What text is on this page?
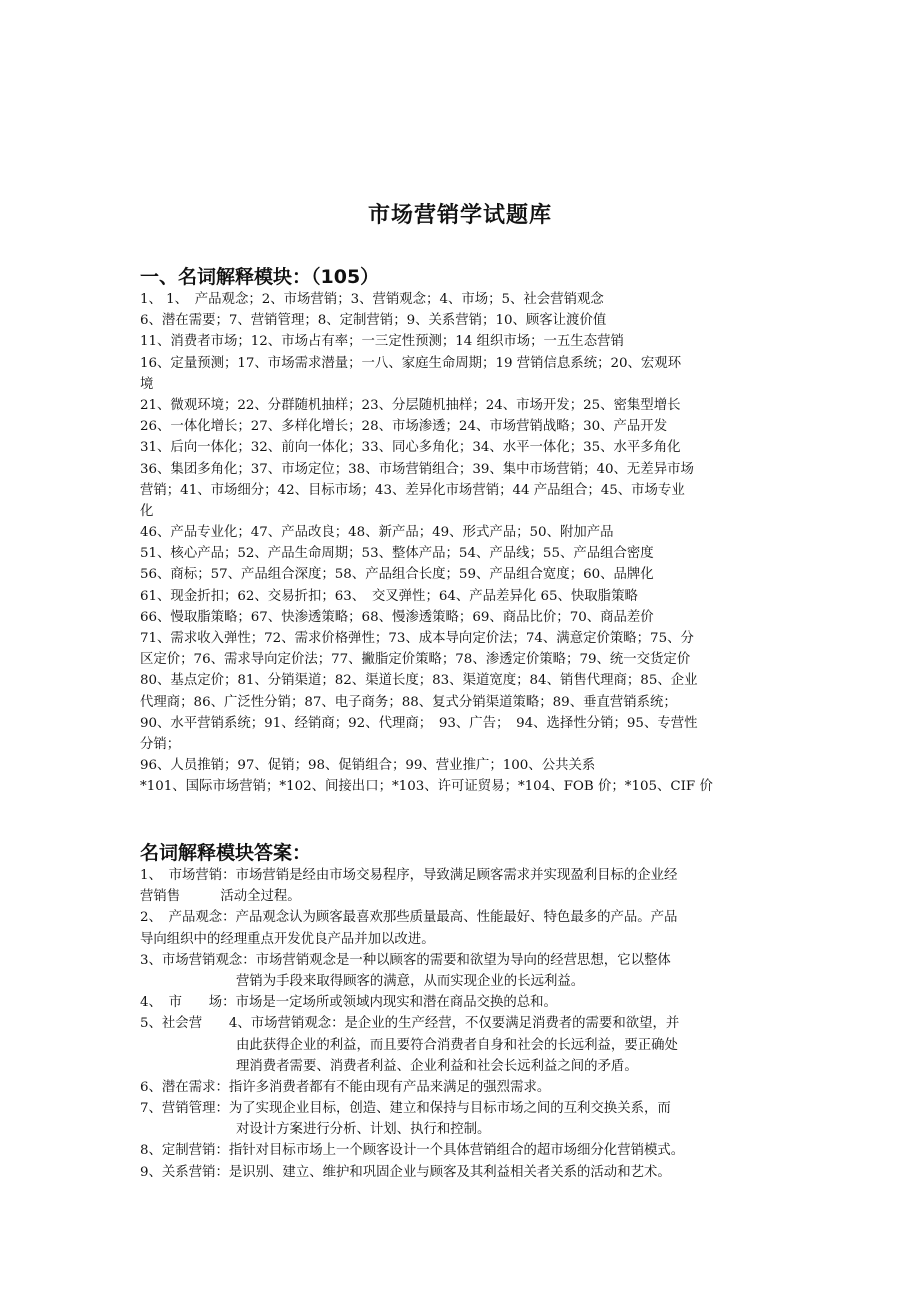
市场营销学试题库
一、名词解释模块：（105）
1、 1、　产品观念；2、市场营销；3、营销观念；4、市场；5、社会营销观念
6、潜在需要；7、营销管理；8、定制营销；9、关系营销；10、顾客让渡价值
11、消费者市场；12、市场占有率；一三定性预测；14 组织市场；一五生态营销
16、定量预测；17、市场需求潜量；一八、家庭生命周期；19 营销信息系统；20、宏观环
境
21、微观环境；22、分群随机抽样；23、分层随机抽样；24、市场开发；25、密集型增长
26、一体化增长；27、多样化增长；28、市场渗透；24、市场营销战略；30、产品开发
31、后向一体化；32、前向一体化；33、同心多角化；34、水平一体化；35、水平多角化
36、集团多角化；37、市场定位；38、市场营销组合；39、集中市场营销；40、无差异市场
营销；41、市场细分；42、目标市场；43、差异化市场营销；44 产品组合；45、市场专业
化
46、产品专业化；47、产品改良；48、新产品；49、形式产品；50、附加产品
51、核心产品；52、产品生命周期；53、整体产品；54、产品线；55、产品组合密度
56、商标；57、产品组合深度；58、产品组合长度；59、产品组合宽度；60、品牌化
61、现金折扣；62、交易折扣；63、　交叉弹性；64、产品差异化 65、快取脂策略
66、慢取脂策略；67、快渗透策略；68、慢渗透策略；69、商品比价；70、商品差价
71、需求收入弹性；72、需求价格弹性；73、成本导向定价法；74、满意定价策略；75、分
区定价；76、需求导向定价法；77、撇脂定价策略；78、渗透定价策略；79、统一交货定价
80、基点定价；81、分销渠道；82、渠道长度；83、渠道宽度；84、销售代理商；85、企业
代理商；86、广泛性分销；87、电子商务；88、复式分销渠道策略；89、垂直营销系统；
90、水平营销系统；91、经销商；92、代理商；　93、广告；　94、选择性分销；95、专营性
分销；
96、人员推销；97、促销；98、促销组合；99、营业推广；100、公共关系
*101、国际市场营销；*102、间接出口；*103、许可证贸易；*104、FOB 价；*105、CIF 价
名词解释模块答案：
1、　市场营销：市场营销是经由市场交易程序，导致满足顾客需求并实现盈利目标的企业经
营销售　　　活动全过程。
2、　产品观念：产品观念认为顾客最喜欢那些质量最高、性能最好、特色最多的产品。产品
导向组织中的经理重点开发优良产品并加以改进。
3、市场营销观念：市场营销观念是一种以顾客的需要和欲望为导向的经营思想，它以整体
营销为手段来取得顾客的满意，从而实现企业的长远利益。
4、　市　　场：市场是一定场所或领域内现实和潜在商品交换的总和。
5、社会营　　4、市场营销观念：是企业的生产经营，不仅要满足消费者的需要和欲望，并
由此获得企业的利益，而且要符合消费者自身和社会的长远利益，要正确处
理消费者需要、消费者利益、企业利益和社会长远利益之间的矛盾。
6、潜在需求：指许多消费者都有不能由现有产品来满足的强烈需求。
7、营销管理：为了实现企业目标，创造、建立和保持与目标市场之间的互利交换关系，而
对设计方案进行分析、计划、执行和控制。
8、定制营销：指针对目标市场上一个顾客设计一个具体营销组合的超市场细分化营销模式。
9、关系营销：是识别、建立、维护和巩固企业与顾客及其利益相关者关系的活动和艺术。
